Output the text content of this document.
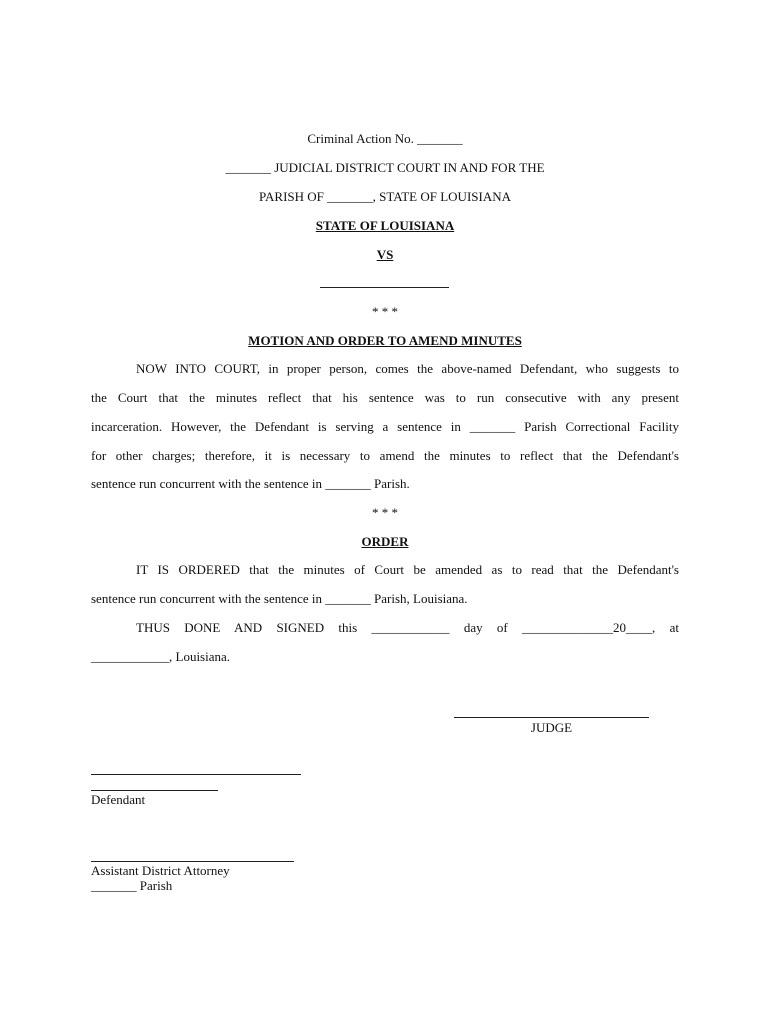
Criminal Action No. _______
_______ JUDICIAL DISTRICT COURT IN AND FOR THE
PARISH OF _______, STATE OF LOUISIANA
STATE OF LOUISIANA
VS
* * *
MOTION AND ORDER TO AMEND MINUTES
NOW INTO COURT, in proper person, comes the above-named Defendant, who suggests to
the Court that the minutes reflect that his sentence was to run consecutive with any present
incarceration. However, the Defendant is serving a sentence in _______ Parish Correctional Facility
for other charges; therefore, it is necessary to amend the minutes to reflect that the Defendant's
sentence run concurrent with the sentence in _______ Parish.
* * *
ORDER
IT IS ORDERED that the minutes of Court be amended as to read that the Defendant's
sentence run concurrent with the sentence in _______ Parish, Louisiana.
THUS DONE AND SIGNED this ____________ day of ______________20____, at
____________, Louisiana.
JUDGE
Defendant
Assistant District Attorney
_______ Parish
